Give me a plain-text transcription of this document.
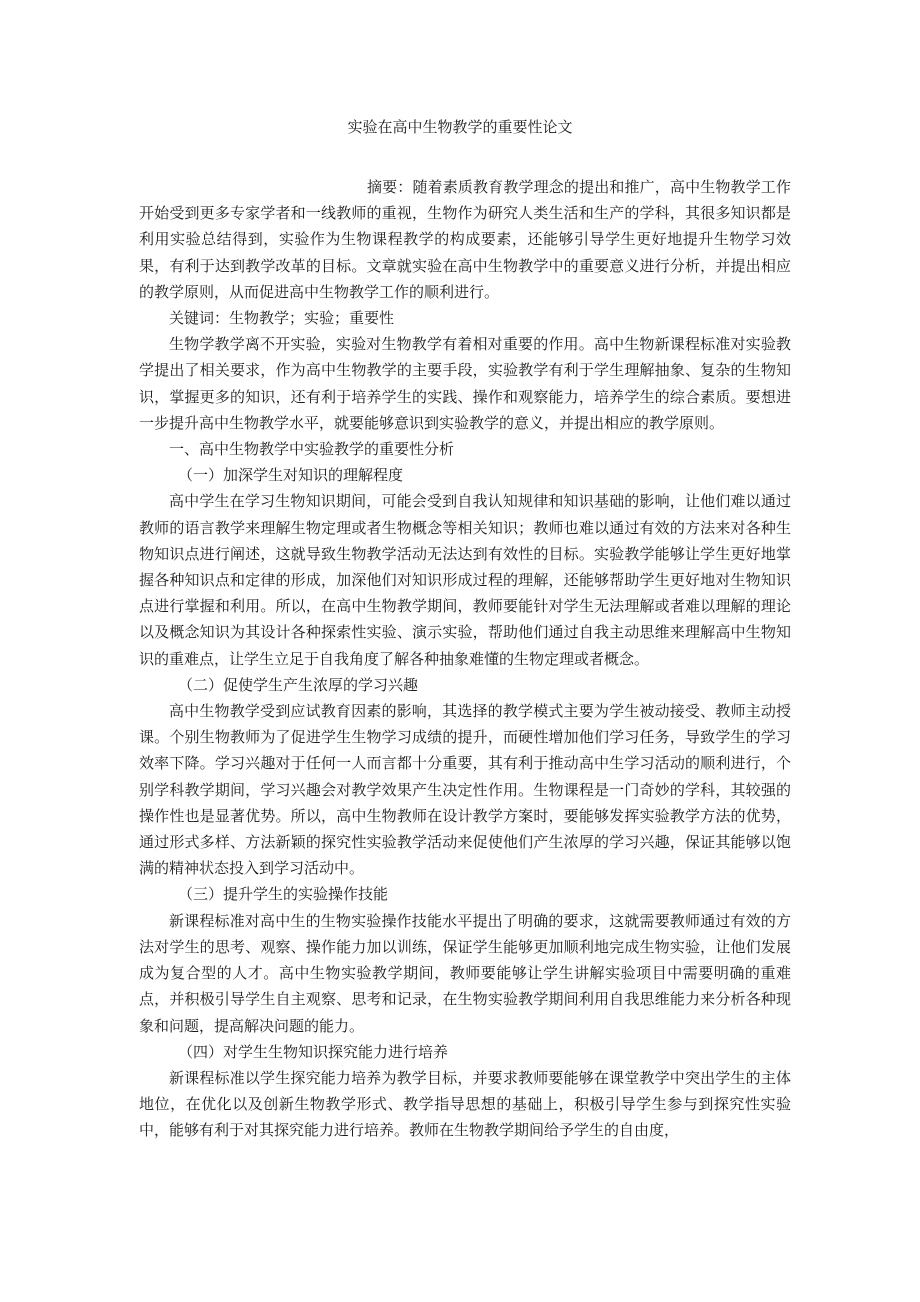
实验在高中生物教学的重要性论文

摘要：随着素质教育教学理念的提出和推广，高中生物教学工作开始受到更多专家学者和一线教师的重视，生物作为研究人类生活和生产的学科，其很多知识都是利用实验总结得到，实验作为生物课程教学的构成要素，还能够引导学生更好地提升生物学习效果，有利于达到教学改革的目标。文章就实验在高中生物教学中的重要意义进行分析，并提出相应的教学原则，从而促进高中生物教学工作的顺利进行。

关键词：生物教学；实验；重要性

生物学教学离不开实验，实验对生物教学有着相对重要的作用。高中生物新课程标准对实验教学提出了相关要求，作为高中生物教学的主要手段，实验教学有利于学生理解抽象、复杂的生物知识，掌握更多的知识，还有利于培养学生的实践、操作和观察能力，培养学生的综合素质。要想进一步提升高中生物教学水平，就要能够意识到实验教学的意义，并提出相应的教学原则。

一、高中生物教学中实验教学的重要性分析

（一）加深学生对知识的理解程度

高中学生在学习生物知识期间，可能会受到自我认知规律和知识基础的影响，让他们难以通过教师的语言教学来理解生物定理或者生物概念等相关知识；教师也难以通过有效的方法来对各种生物知识点进行阐述，这就导致生物教学活动无法达到有效性的目标。实验教学能够让学生更好地掌握各种知识点和定律的形成，加深他们对知识形成过程的理解，还能够帮助学生更好地对生物知识点进行掌握和利用。所以，在高中生物教学期间，教师要能针对学生无法理解或者难以理解的理论以及概念知识为其设计各种探索性实验、演示实验，帮助他们通过自我主动思维来理解高中生物知识的重难点，让学生立足于自我角度了解各种抽象难懂的生物定理或者概念。

（二）促使学生产生浓厚的学习兴趣

高中生物教学受到应试教育因素的影响，其选择的教学模式主要为学生被动接受、教师主动授课。个别生物教师为了促进学生生物学习成绩的提升，而硬性增加他们学习任务，导致学生的学习效率下降。学习兴趣对于任何一人而言都十分重要，其有利于推动高中生学习活动的顺利进行，个别学科教学期间，学习兴趣会对教学效果产生决定性作用。生物课程是一门奇妙的学科，其较强的操作性也是显著优势。所以，高中生物教师在设计教学方案时，要能够发挥实验教学方法的优势，通过形式多样、方法新颖的探究性实验教学活动来促使他们产生浓厚的学习兴趣，保证其能够以饱满的精神状态投入到学习活动中。

（三）提升学生的实验操作技能

新课程标准对高中生的生物实验操作技能水平提出了明确的要求，这就需要教师通过有效的方法对学生的思考、观察、操作能力加以训练，保证学生能够更加顺利地完成生物实验，让他们发展成为复合型的人才。高中生物实验教学期间，教师要能够让学生讲解实验项目中需要明确的重难点，并积极引导学生自主观察、思考和记录，在生物实验教学期间利用自我思维能力来分析各种现象和问题，提高解决问题的能力。

（四）对学生生物知识探究能力进行培养

新课程标准以学生探究能力培养为教学目标，并要求教师要能够在课堂教学中突出学生的主体地位，在优化以及创新生物教学形式、教学指导思想的基础上，积极引导学生参与到探究性实验中，能够有利于对其探究能力进行培养。教师在生物教学期间给予学生的自由度，
